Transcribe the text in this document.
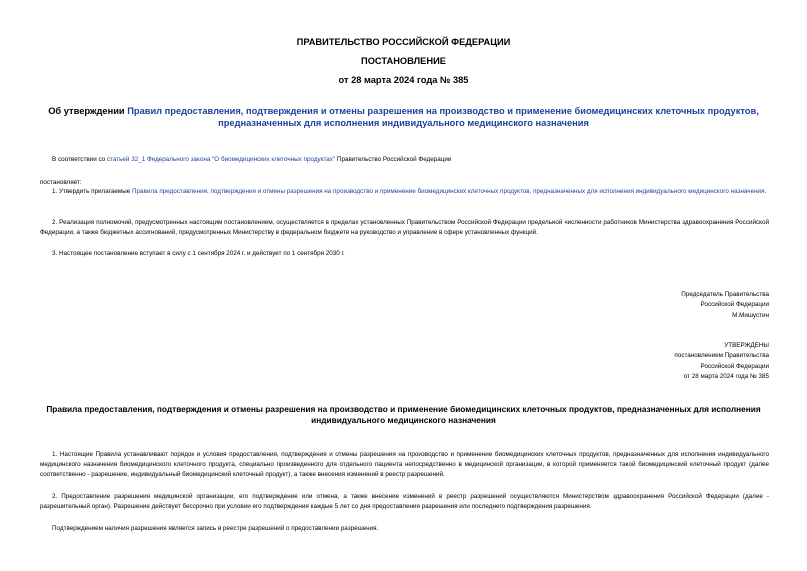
ПРАВИТЕЛЬСТВО РОССИЙСКОЙ ФЕДЕРАЦИИ
ПОСТАНОВЛЕНИЕ
от 28 марта 2024 года № 385
Об утверждении Правил предоставления, подтверждения и отмены разрешения на производство и применение биомедицинских клеточных продуктов, предназначенных для исполнения индивидуального медицинского назначения
В соответствии со статьей 32_1 Федерального закона "О биомедицинских клеточных продуктах" Правительство Российской Федерации
постановляет:
1. Утвердить прилагаемые Правила предоставления, подтверждения и отмены разрешения на производство и применение биомедицинских клеточных продуктов, предназначенных для исполнения индивидуального медицинского назначения.
2. Реализация полномочий, предусмотренных настоящим постановлением, осуществляется в пределах установленных Правительством Российской Федерации предельной численности работников Министерства здравоохранения Российской Федерации, а также бюджетных ассигнований, предусмотренных Министерству в федеральном бюджете на руководство и управление в сфере установленных функций.
3. Настоящее постановление вступает в силу с 1 сентября 2024 г. и действует по 1 сентября 2030 г.
Председатель Правительства
Российской Федерации
М.Мишустин
УТВЕРЖДЕНЫ
постановлением Правительства
Российской Федерации
от 28 марта 2024 года № 385
Правила предоставления, подтверждения и отмены разрешения на производство и применение биомедицинских клеточных продуктов, предназначенных для исполнения индивидуального медицинского назначения
1. Настоящие Правила устанавливают порядок и условия предоставления, подтверждения и отмены разрешения на производство и применение биомедицинских клеточных продуктов, предназначенных для исполнения индивидуального медицинского назначения биомедицинского клеточного продукта, специально произведенного для отдельного пациента непосредственно в медицинской организации, в которой применяется такой биомедицинский клеточный продукт (далее соответственно - разрешение, индивидуальный биомедицинский клеточный продукт), а также внесения изменений в реестр разрешений.
2. Предоставление разрешения медицинской организации, его подтверждение или отмена, а также внесение изменений в реестр разрешений осуществляются Министерством здравоохранения Российской Федерации (далее - разрешительный орган). Разрешение действует бессрочно при условии его подтверждения каждые 5 лет со дня предоставления разрешения или последнего подтверждения разрешения.
Подтверждением наличия разрешения является запись в реестре разрешений о предоставлении разрешения.
